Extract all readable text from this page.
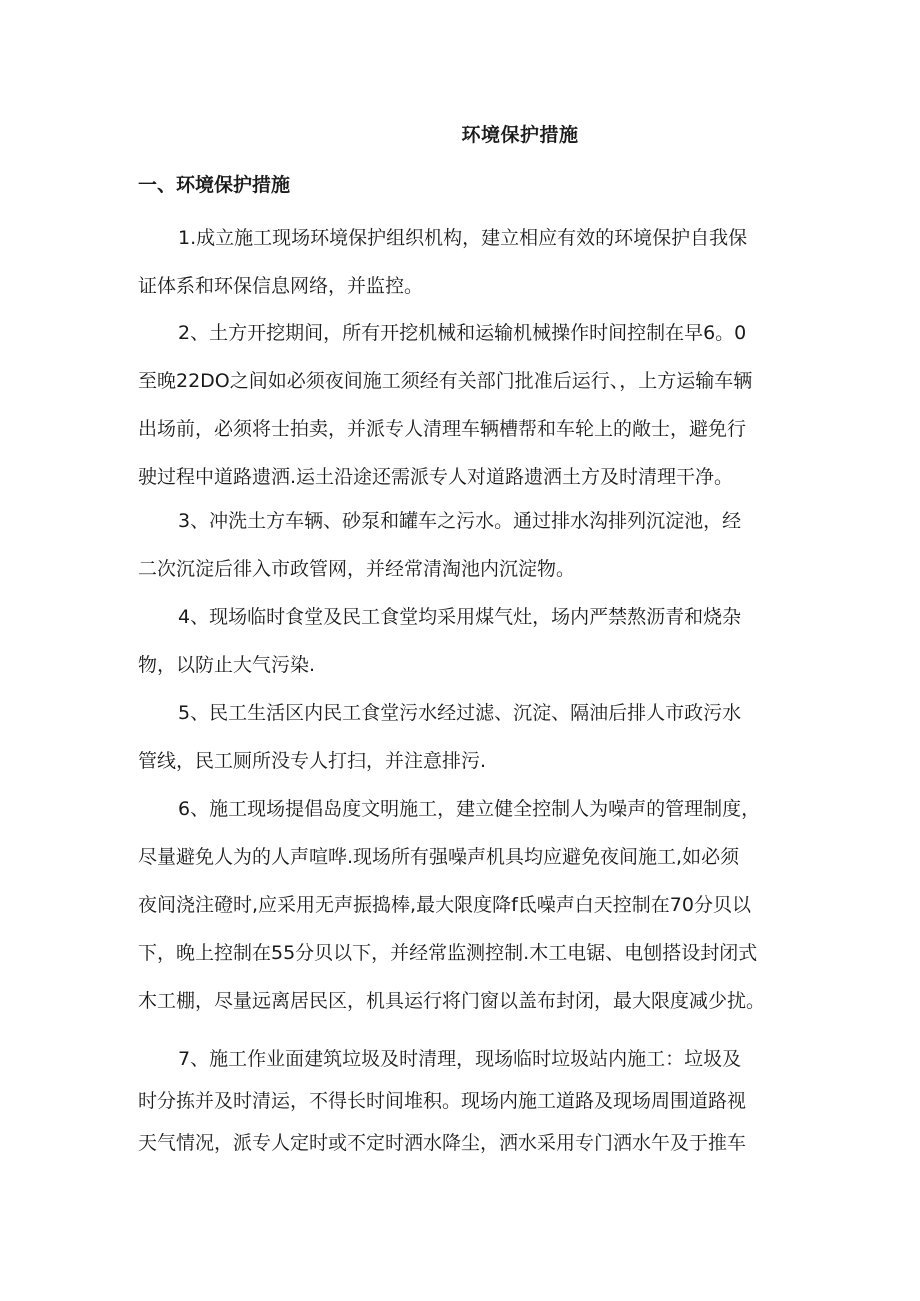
环境保护措施
一、环境保护措施
1.成立施工现场环境保护组织机构，建立相应有效的环境保护自我保
证体系和环保信息网络，并监控。
2、土方开挖期间，所有开挖机械和运输机械操作时间控制在早6。0
至晚22DO之间如必须夜间施工须经有关部门批准后运行、，上方运输车辆
出场前，必须将士拍卖，并派专人清理车辆槽帮和车轮上的敞士，避免行
驶过程中道路遗洒.运土沿途还需派专人对道路遗洒土方及时清理干净。
3、冲洗土方车辆、砂泵和罐车之污水。通过排水沟排列沉淀池，经
二次沉淀后徘入市政管网，并经常清淘池内沉淀物。
4、现场临时食堂及民工食堂均采用煤气灶，场内严禁熬沥青和烧杂
物，以防止大气污染.
5、民工生活区内民工食堂污水经过滤、沉淀、隔油后排人市政污水
管线，民工厕所没专人打扫，并注意排污.
6、施工现场提倡岛度文明施工，建立健全控制人为噪声的管理制度，
尽量避免人为的人声喧哗.现场所有强噪声机具均应避免夜间施工,如必须
夜间浇注磴时,应采用无声振捣棒,最大限度降f氐噪声白天控制在70分贝以
下，晚上控制在55分贝以下，并经常监测控制.木工电锯、电刨搭设封闭式
木工棚，尽量远离居民区，机具运行将门窗以盖布封闭，最大限度减少扰。
7、施工作业面建筑垃圾及时清理，现场临时垃圾站内施工：垃圾及
时分拣并及时清运，不得长时间堆积。现场内施工道路及现场周围道路视
天气情况，派专人定时或不定时洒水降尘，洒水采用专门洒水午及于推车
